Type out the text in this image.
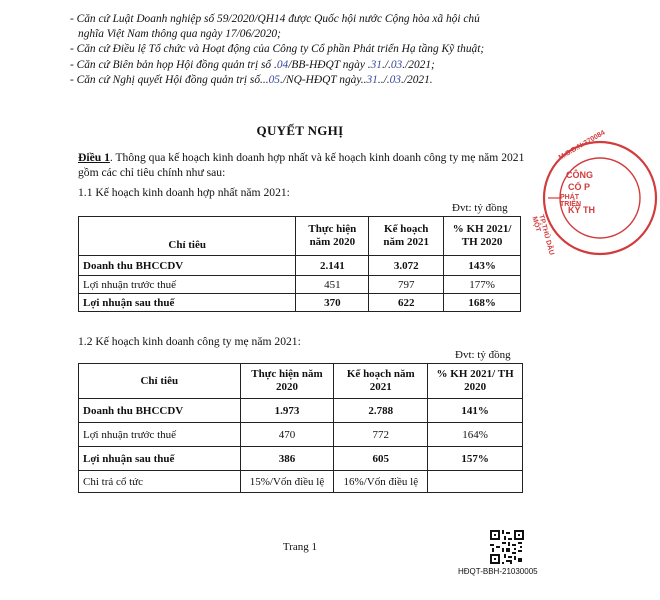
- Căn cứ Luật Doanh nghiệp số 59/2020/QH14 được Quốc hội nước Cộng hòa xã hội chủ
nghĩa Việt Nam thông qua ngày 17/06/2020;
- Căn cứ Điều lệ Tổ chức và Hoạt động của Công ty Cổ phần Phát triển Hạ tầng Kỹ thuật;
- Căn cứ Biên bản họp Hội đồng quản trị số .04/BB-HĐQT ngày .31./.03./2021;
- Căn cứ Nghị quyết Hội đồng quản trị số...05./NQ-HĐQT ngày..31../.03./2021.
QUYẾT NGHỊ
Điều 1. Thông qua kế hoạch kinh doanh hợp nhất và kế hoạch kinh doanh công ty mẹ năm 2021 gồm các chỉ tiêu chính như sau:
1.1 Kế hoạch kinh doanh hợp nhất năm 2021:
Đvt: tỷ đồng
Chỉ tiêu	Thực hiện năm 2020	Kế hoạch năm 2021	% KH 2021/ TH 2020
Doanh thu BHCCDV	2.141	3.072	143%
Lợi nhuận trước thuế	451	797	177%
Lợi nhuận sau thuế	370	622	168%
1.2 Kế hoạch kinh doanh công ty mẹ năm 2021:
Đvt: tỷ đồng
Chỉ tiêu	Thực hiện năm 2020	Kế hoạch năm 2021	% KH 2021/ TH 2020
Doanh thu BHCCDV	1.973	2.788	141%
Lợi nhuận trước thuế	470	772	164%
Lợi nhuận sau thuế	386	605	157%
Chi trả cổ tức	15%/Vốn điều lệ	16%/Vốn điều lệ	
Trang 1
HĐQT-BBH-21030005
M.S.D.N:370084
CÔNG
CỔ P
PHÁT TRIỂN
KỸ TH
TP.THỦ DẦU MỘT
